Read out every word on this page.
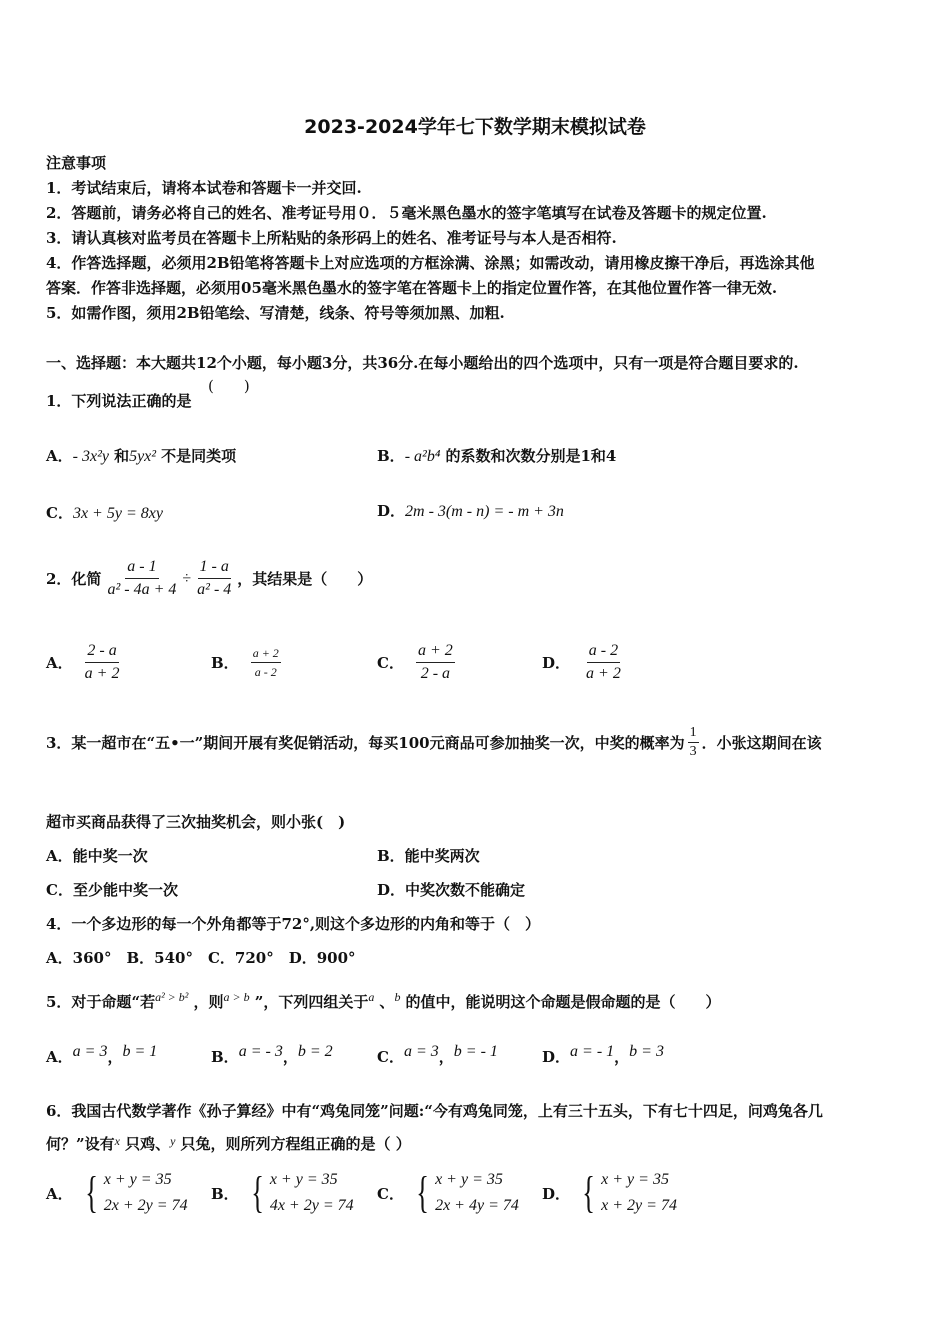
2023-2024学年七下数学期末模拟试卷
注意事项
1．考试结束后，请将本试卷和答题卡一并交回.
2．答题前，请务必将自己的姓名、准考证号用０．５毫米黑色墨水的签字笔填写在试卷及答题卡的规定位置.
3．请认真核对监考员在答题卡上所粘贴的条形码上的姓名、准考证号与本人是否相符.
4．作答选择题，必须用2B铅笔将答题卡上对应选项的方框涂满、涂黑；如需改动，请用橡皮擦干净后，再选涂其他
答案．作答非选择题，必须用05毫米黑色墨水的签字笔在答题卡上的指定位置作答，在其他位置作答一律无效.
5．如需作图，须用2B铅笔绘、写清楚，线条、符号等须加黑、加粗.
一、选择题：本大题共12个小题，每小题3分，共36分.在每小题给出的四个选项中，只有一项是符合题目要求的.
1．下列说法正确的是
(　　)
A．- 3x²y 和5yx² 不是同类项	B．- a²b⁴ 的系数和次数分别是1和4
C．3x + 5y = 8xy	D．2m - 3(m - n) = - m + 3n
2．化简 $\frac{a - 1}{\text{a² - 4a + 4}} \div \frac{1 - a}{\text{a² - 4}}$ ，其结果是（　　）
A． $\frac{2 - a}{a + 2}$	B． $\frac{a + 2}{a - 2}$	C． $\frac{a + 2}{2 - a}$	D． $\frac{a - 2}{a + 2}$
3．某一超市在“五•一”期间开展有奖促销活动，每买100元商品可参加抽奖一次，中奖的概率为 $\frac{1}{3}$ ．小张这期间在该
超市买商品获得了三次抽奖机会，则小张(　)
A．能中奖一次	B．能中奖两次
C．至少能中奖一次	D．中奖次数不能确定
4．一个多边形的每一个外角都等于72°,则这个多边形的内角和等于（　）
A．360°　B．540°　C．720°　D．900°
5．对于命题“若$^{a^2 > b^2}$ ，则$^{a > b}$ ”，下列四组关于$^a$ 、$^b$ 的值中，能说明这个命题是假命题的是（　　）
A．a = 3，b = 1	B．a = - 3，b = 2	C．a = 3，b = - 1	D．a = - 1，b = 3
6．我国古代数学著作《孙子算经》中有“鸡兔同笼”问题:“今有鸡兔同笼，上有三十五头，下有七十四足，问鸡兔各几
何？”设有$^x$ 只鸡、$^y$ 只兔，则所列方程组正确的是（ ）
A． { x + y = 35
2x + 2y = 74
B． { x + y = 35
4x + 2y = 74
C． { x + y = 35
2x + 4y = 74
D． { x + y = 35
x + 2y = 74
